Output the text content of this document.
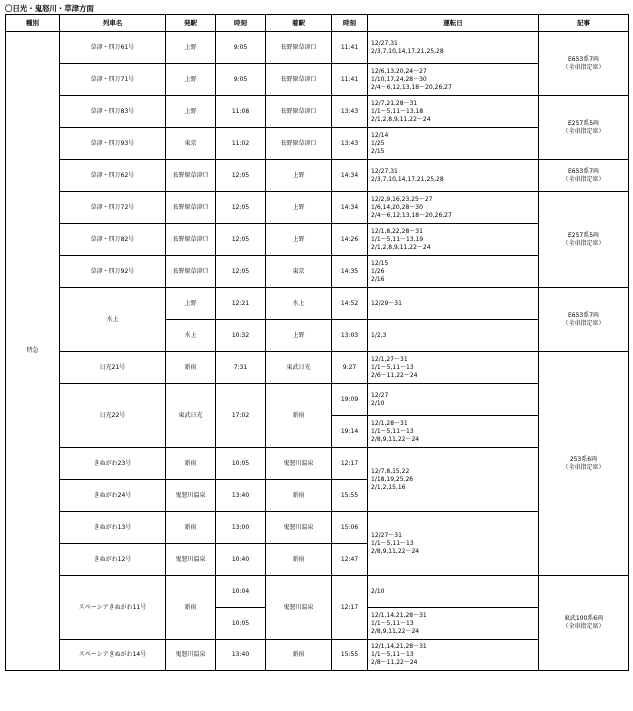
〇日光・鬼怒川・草津方面
種別	列車名	発駅	時刻	着駅	時刻	運転日	記事
特急	草津・四万61号	上野	9:05	長野原草津口	11:41	12/27,31
2/3,7,10,14,17,21,25,28	E653系7両
（全車指定席）
	草津・四万71号	上野	9:05	長野原草津口	11:41	12/6,13,20,24～27
1/10,17,24,28～30
2/4～6,12,13,18～20,26,27	
	草津・四万83号	上野	11:08	長野原草津口	13:43	12/7,21,28～31
1/1～5,11～13,18
2/1,2,8,9,11,22～24	E257系5両
（全車指定席）
	草津・四万93号	東京	11:02	長野原草津口	13:43	12/14
1/25
2/15	
	草津・四万62号	長野原草津口	12:05	上野	14:34	12/27,31
2/3,7,10,14,17,21,25,28	E653系7両
（全車指定席）
	草津・四万72号	長野原草津口	12:05	上野	14:34	12/2,9,16,23,25～27
1/6,14,20,28～30
2/4～6,12,13,18～20,26,27	E257系5両
（全車指定席）
	草津・四万82号	長野原草津口	12:05	上野	14:26	12/1,8,22,28～31
1/1～5,11～13,19
2/1,2,8,9,11,22～24	
	草津・四万92号	長野原草津口	12:05	東京	14:35	12/15
1/26
2/16	
	水上	上野	12:21	水上	14:52	12/29～31	E653系7両
（全車指定席）
		水上	10:32	上野	13:03	1/2,3	
	日光21号	新宿	7:31	東武日光	9:27	12/1,27～31
1/1～5,11～13
2/6～11,22～24	253系6両
（全車指定席）
	日光22号	東武日光	17:02	新宿	19:09	12/27
2/10	
					19:14	12/1,28～31
1/1～5,11～13
2/8,9,11,22～24	
	きぬがわ23号	新宿	10:05	鬼怒川温泉	12:17	12/7,8,15,22
1/18,19,25,26
2/1,2,15,16	
	きぬがわ24号	鬼怒川温泉	13:40	新宿	15:55		
	きぬがわ13号	新宿	13:00	鬼怒川温泉	15:06	12/27～31
1/1～5,11～13
2/8,9,11,22～24	
	きぬがわ12号	鬼怒川温泉	10:40	新宿	12:47		
	スペーシアきぬがわ11号	新宿	10:04	鬼怒川温泉	12:17	2/10	東武100系6両
（全車指定席）
			10:05			12/1,14,21,28～31
1/1～5,11～13
2/8,9,11,22～24	
	スペーシアきぬがわ14号	鬼怒川温泉	13:40	新宿	15:55	12/1,14,21,28～31
1/1～5,11～13
2/8～11,22～24	
